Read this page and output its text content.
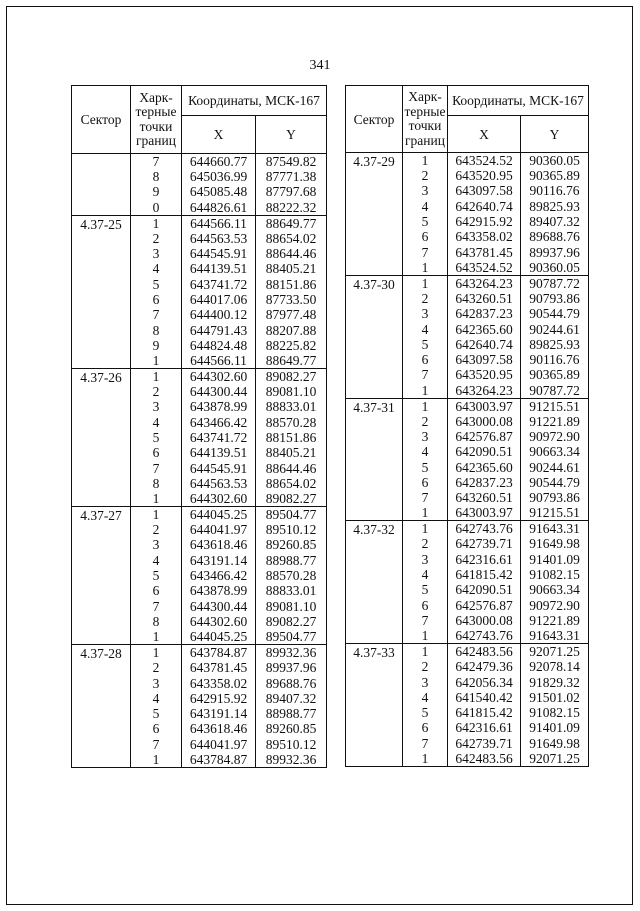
341
Сектор	Харк-терные точки границ	Координаты, МСК-167	
		X	Y
	7	644660.77	87549.82
	8	645036.99	87771.38
	9	645085.48	87797.68
	0	644826.61	88222.32
4.37-25	1	644566.11	88649.77
	2	644563.53	88654.02
	3	644545.91	88644.46
	4	644139.51	88405.21
	5	643741.72	88151.86
	6	644017.06	87733.50
	7	644400.12	87977.48
	8	644791.43	88207.88
	9	644824.48	88225.82
	1	644566.11	88649.77
4.37-26	1	644302.60	89082.27
	2	644300.44	89081.10
	3	643878.99	88833.01
	4	643466.42	88570.28
	5	643741.72	88151.86
	6	644139.51	88405.21
	7	644545.91	88644.46
	8	644563.53	88654.02
	1	644302.60	89082.27
4.37-27	1	644045.25	89504.77
	2	644041.97	89510.12
	3	643618.46	89260.85
	4	643191.14	88988.77
	5	643466.42	88570.28
	6	643878.99	88833.01
	7	644300.44	89081.10
	8	644302.60	89082.27
	1	644045.25	89504.77
4.37-28	1	643784.87	89932.36
	2	643781.45	89937.96
	3	643358.02	89688.76
	4	642915.92	89407.32
	5	643191.14	88988.77
	6	643618.46	89260.85
	7	644041.97	89510.12
	1	643784.87	89932.36
Сектор	Харк-терные точки границ	Координаты, МСК-167	
		X	Y
4.37-29	1	643524.52	90360.05
	2	643520.95	90365.89
	3	643097.58	90116.76
	4	642640.74	89825.93
	5	642915.92	89407.32
	6	643358.02	89688.76
	7	643781.45	89937.96
	1	643524.52	90360.05
4.37-30	1	643264.23	90787.72
	2	643260.51	90793.86
	3	642837.23	90544.79
	4	642365.60	90244.61
	5	642640.74	89825.93
	6	643097.58	90116.76
	7	643520.95	90365.89
	1	643264.23	90787.72
4.37-31	1	643003.97	91215.51
	2	643000.08	91221.89
	3	642576.87	90972.90
	4	642090.51	90663.34
	5	642365.60	90244.61
	6	642837.23	90544.79
	7	643260.51	90793.86
	1	643003.97	91215.51
4.37-32	1	642743.76	91643.31
	2	642739.71	91649.98
	3	642316.61	91401.09
	4	641815.42	91082.15
	5	642090.51	90663.34
	6	642576.87	90972.90
	7	643000.08	91221.89
	1	642743.76	91643.31
4.37-33	1	642483.56	92071.25
	2	642479.36	92078.14
	3	642056.34	91829.32
	4	641540.42	91501.02
	5	641815.42	91082.15
	6	642316.61	91401.09
	7	642739.71	91649.98
	1	642483.56	92071.25
